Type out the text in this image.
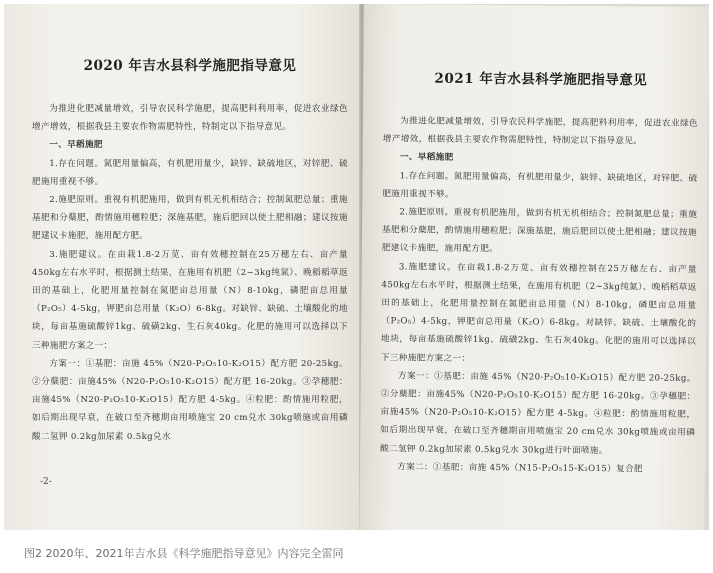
2020 年吉水县科学施肥指导意见

为推进化肥减量增效，引导农民科学施肥，提高肥料利用率，促进农业绿色增产增效，根据我县主要农作物需肥特性，特制定以下指导意见。

一、早稻施肥

1.存在问题。氮肥用量偏高，有机肥用量少，缺锌、缺硫地区，对锌肥、硫肥施用重视不够。

2.施肥原则。重视有机肥施用，做到有机无机相结合；控制氮肥总量；重施基肥和分蘖肥，酌情施用穗粒肥；深施基肥，施后肥回以使土肥相融；建议按施肥建议卡施肥，施用配方肥。

3.施肥建议。在亩栽1.8-2万苋、亩有效穗控制在25万穗左右、亩产量450kg左右水平时，根据测土结果，在施用有机肥（2~3kg纯氮）、晚稻稻草返田的基础上，化肥用量控制在氮肥亩总用量（N）8-10kg，磷肥亩总用量（P₂O₅）4-5kg，钾肥亩总用量（K₂O）6-8kg。对缺锌、缺硫、土壤酸化的地块，每亩基施硫酸锌1kg、硫磺2kg、生石灰40kg。化肥的施用可以选择以下三种施肥方案之一：

方案一：①基肥：亩施 45%（N20-P₂O₅10-K₂O15）配方肥 20-25kg。②分蘖肥：亩施45%（N20-P₂O₅10-K₂O15）配方肥 16-20kg。③孕穗肥：亩施45%（N20-P₂O₅10-K₂O15）配方肥 4-5kg。④粒肥：酌情施用粒肥，如后期出现早衰，在破口至齐穗期亩用喷施宝 20 cm兑水 30kg喷施或亩用磷酸二氢钾 0.2kg加尿素 0.5kg兑水

-2-
2021 年吉水县科学施肥指导意见

为推进化肥减量增效，引导农民科学施肥，提高肥料利用率，促进农业绿色增产增效，根据我县主要农作物需肥特性，特制定以下指导意见。

一、早稻施肥

1.存在问题。氮肥用量偏高，有机肥用量少，缺锌、缺硫地区，对锌肥、硫肥施用重视不够。

2.施肥原则。重视有机肥施用，做到有机无机相结合；控制氮肥总量；重施基肥和分蘖肥，酌情施用穗粒肥；深施基肥，施后肥回以使土肥相融；建议按施肥建议卡施肥，施用配方肥。

3.施肥建议。在亩栽1.8-2万苋、亩有效穗控制在25万穗左右、亩产量450kg左右水平时，根据测土结果，在施用有机肥（2~3kg纯氮）、晚稻稻草返田的基础上，化肥用量控制在氮肥亩总用量（N）8-10kg，磷肥亩总用量（P₂O₅）4-5kg，钾肥亩总用量（K₂O）6-8kg。对缺锌、缺硫、土壤酸化的地块，每亩基施硫酸锌1kg、硫磺2kg、生石灰40kg。化肥的施用可以选择以下三种施肥方案之一：

方案一：①基肥：亩施 45%（N20-P₂O₅10-K₂O15）配方肥 20-25kg。②分蘖肥：亩施45%（N20-P₂O₅10-K₂O15）配方肥 16-20kg。③孕穗肥：亩施45%（N20-P₂O₅10-K₂O15）配方肥 4-5kg。④粒肥：酌情施用粒肥，如后期出现早衰，在破口至齐穗期亩用喷施宝 20 cm兑水 30kg喷施或亩用磷酸二氢钾 0.2kg加尿素 0.5kg兑水 30kg进行叶面喷施。

方案二：①基肥：亩施 45%（N15-P₂O₅15-K₂O15）复合肥

图2 2020年、2021年吉水县《科学施肥指导意见》内容完全雷同
